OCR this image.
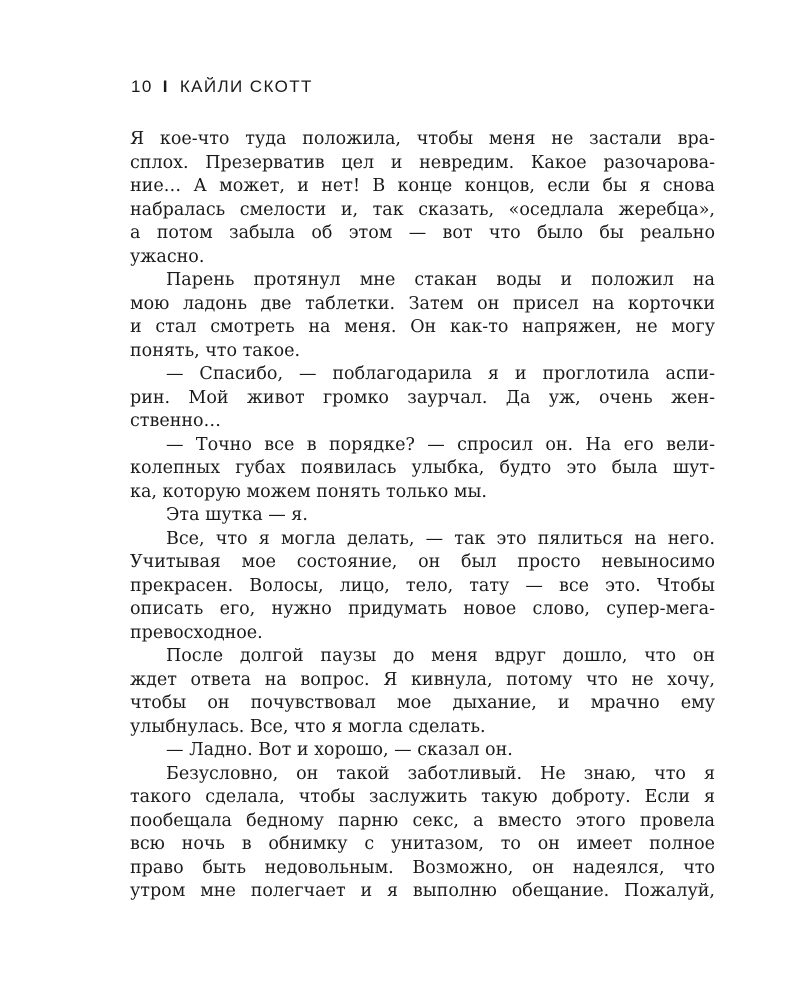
10 I КАЙЛИ СКОТТ
Я кое-что туда положила, чтобы меня не застали вра-
сплох. Презерватив цел и невредим. Какое разочарова-
ние… А может, и нет! В конце концов, если бы я снова
набралась смелости и, так сказать, «оседлала жеребца»,
а потом забыла об этом — вот что было бы реально
ужасно.
Парень протянул мне стакан воды и положил на
мою ладонь две таблетки. Затем он присел на корточки
и стал смотреть на меня. Он как-то напряжен, не могу
понять, что такое.
— Спасибо, — поблагодарила я и проглотила аспи-
рин. Мой живот громко заурчал. Да уж, очень жен-
ственно…
— Точно все в порядке? — спросил он. На его вели-
колепных губах появилась улыбка, будто это была шут-
ка, которую можем понять только мы.
Эта шутка — я.
Все, что я могла делать, — так это пялиться на него.
Учитывая мое состояние, он был просто невыносимо
прекрасен. Волосы, лицо, тело, тату — все это. Чтобы
описать его, нужно придумать новое слово, супер-мега-
превосходное.
После долгой паузы до меня вдруг дошло, что он
ждет ответа на вопрос. Я кивнула, потому что не хочу,
чтобы он почувствовал мое дыхание, и мрачно ему
улыбнулась. Все, что я могла сделать.
— Ладно. Вот и хорошо, — сказал он.
Безусловно, он такой заботливый. Не знаю, что я
такого сделала, чтобы заслужить такую доброту. Если я
пообещала бедному парню секс, а вместо этого провела
всю ночь в обнимку с унитазом, то он имеет полное
право быть недовольным. Возможно, он надеялся, что
утром мне полегчает и я выполню обещание. Пожалуй,
